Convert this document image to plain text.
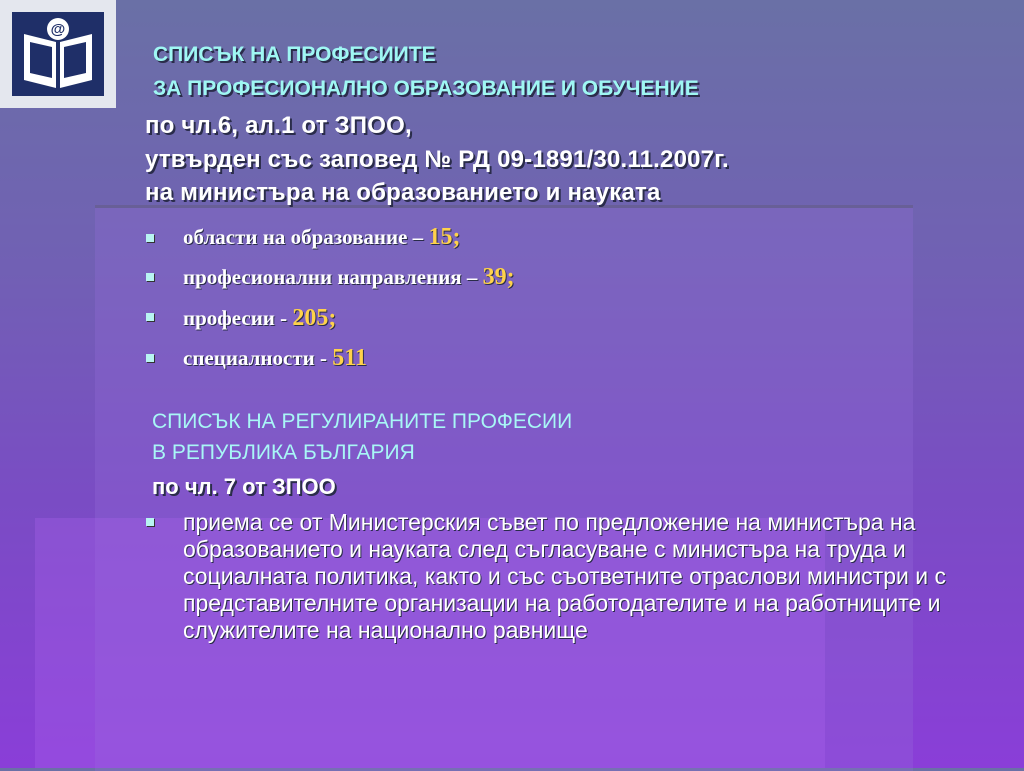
@
СПИСЪК НА ПРОФЕСИИТЕ
ЗА ПРОФЕСИОНАЛНО ОБРАЗОВАНИЕ И ОБУЧЕНИЕ
по чл.6, ал.1 от ЗПОО,
утвърден със заповед № РД 09-1891/30.11.2007г.
на министъра на образованието и науката
области на образование – 15;
професионални направления – 39;
професии - 205;
специалности - 511
СПИСЪК НА РЕГУЛИРАНИТЕ ПРОФЕСИИ
В РЕПУБЛИКА БЪЛГАРИЯ
по чл. 7 от ЗПОО
приема се от Министерския съвет по предложение на министъра на образованието и науката след съгласуване с министъра на труда и социалната политика, както и със съответните отраслови министри и с представителните организации на работодателите и на работниците и служителите на национално равнище
